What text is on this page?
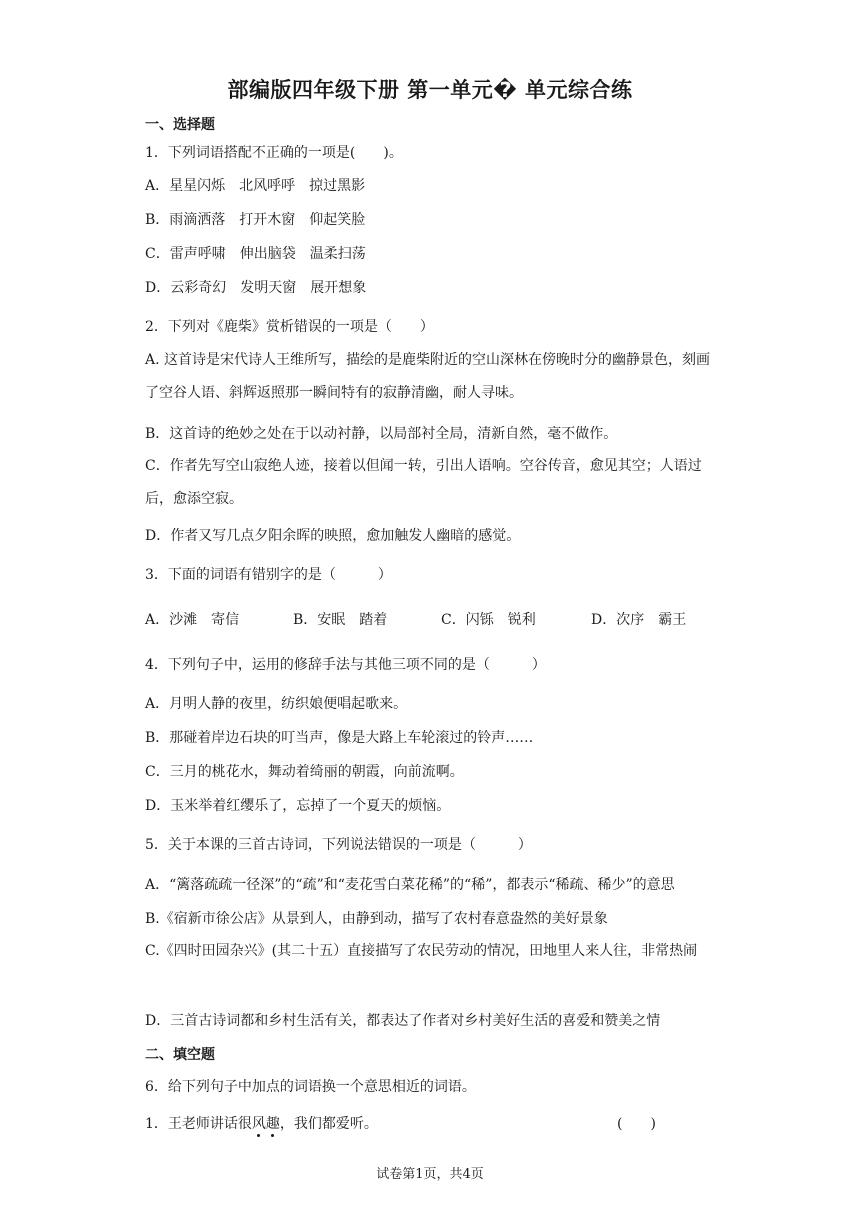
部编版四年级下册 第一单元� 单元综合练
一、选择题
1．下列词语搭配不正确的一项是(　　)。
A．星星闪烁 北风呼呼 掠过黑影
B．雨滴洒落 打开木窗 仰起笑脸
C．雷声呼啸 伸出脑袋 温柔扫荡
D．云彩奇幻 发明天窗 展开想象
2．下列对《鹿柴》赏析错误的一项是（　　）
A. 这首诗是宋代诗人王维所写，描绘的是鹿柴附近的空山深林在傍晚时分的幽静景色，刻画了空谷人语、斜辉返照那一瞬间特有的寂静清幽，耐人寻味。
B．这首诗的绝妙之处在于以动衬静，以局部衬全局，清新自然，毫不做作。
C．作者先写空山寂绝人迹，接着以但闻一转，引出人语响。空谷传音，愈见其空；人语过后，愈添空寂。
D．作者又写几点夕阳余晖的映照，愈加触发人幽暗的感觉。
3．下面的词语有错别字的是（　　　）
A．沙滩 寄信	B．安眠 踏着	C．闪铄 锐利	D．次序 霸王
4．下列句子中，运用的修辞手法与其他三项不同的是（　　　）
A．月明人静的夜里，纺织娘便唱起歌来。
B．那碰着岸边石块的叮当声，像是大路上车轮滚过的铃声……
C．三月的桃花水，舞动着绮丽的朝霞，向前流啊。
D．玉米举着红缨乐了，忘掉了一个夏天的烦恼。
5．关于本课的三首古诗词，下列说法错误的一项是（　　　）
A．“篱落疏疏一径深”的“疏”和“麦花雪白菜花稀”的“稀”，都表示“稀疏、稀少”的意思
B.《宿新市徐公店》从景到人，由静到动，描写了农村春意盎然的美好景象
C.《四时田园杂兴》(其二十五）直接描写了农民劳动的情况，田地里人来人往，非常热闹
D．三首古诗词都和乡村生活有关，都表达了作者对乡村美好生活的喜爱和赞美之情
二、填空题
6．给下列句子中加点的词语换一个意思相近的词语。
1．王老师讲话很风趣，我们都爱听。	(　　)
试卷第1页，共4页
